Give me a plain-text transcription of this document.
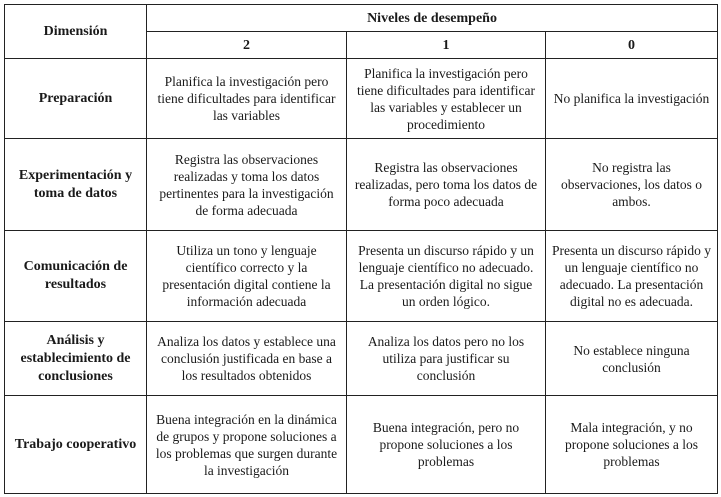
Dimensión	Niveles de desempeño		
	2	1	0
Preparación	Planifica la investigación pero tiene dificultades para identificar las variables	Planifica la investigación pero tiene dificultades para identificar las variables y establecer un procedimiento	No planifica la investigación
Experimentación y toma de datos	Registra las observaciones realizadas y toma los datos pertinentes para la investigación de forma adecuada	Registra las observaciones realizadas, pero toma los datos de forma poco adecuada	No registra las observaciones, los datos o ambos.
Comunicación de resultados	Utiliza un tono y lenguaje científico correcto y la presentación digital contiene la información adecuada	Presenta un discurso rápido y un lenguaje científico no adecuado. La presentación digital no sigue un orden lógico.	Presenta un discurso rápido y un lenguaje científico no adecuado. La presentación digital no es adecuada.
Análisis y establecimiento de conclusiones	Analiza los datos y establece una conclusión justificada en base a los resultados obtenidos	Analiza los datos pero no los utiliza para justificar su conclusión	No establece ninguna conclusión
Trabajo cooperativo	Buena integración en la dinámica de grupos y propone soluciones a los problemas que surgen durante la investigación	Buena integración, pero no propone soluciones a los problemas	Mala integración, y no propone soluciones a los problemas
